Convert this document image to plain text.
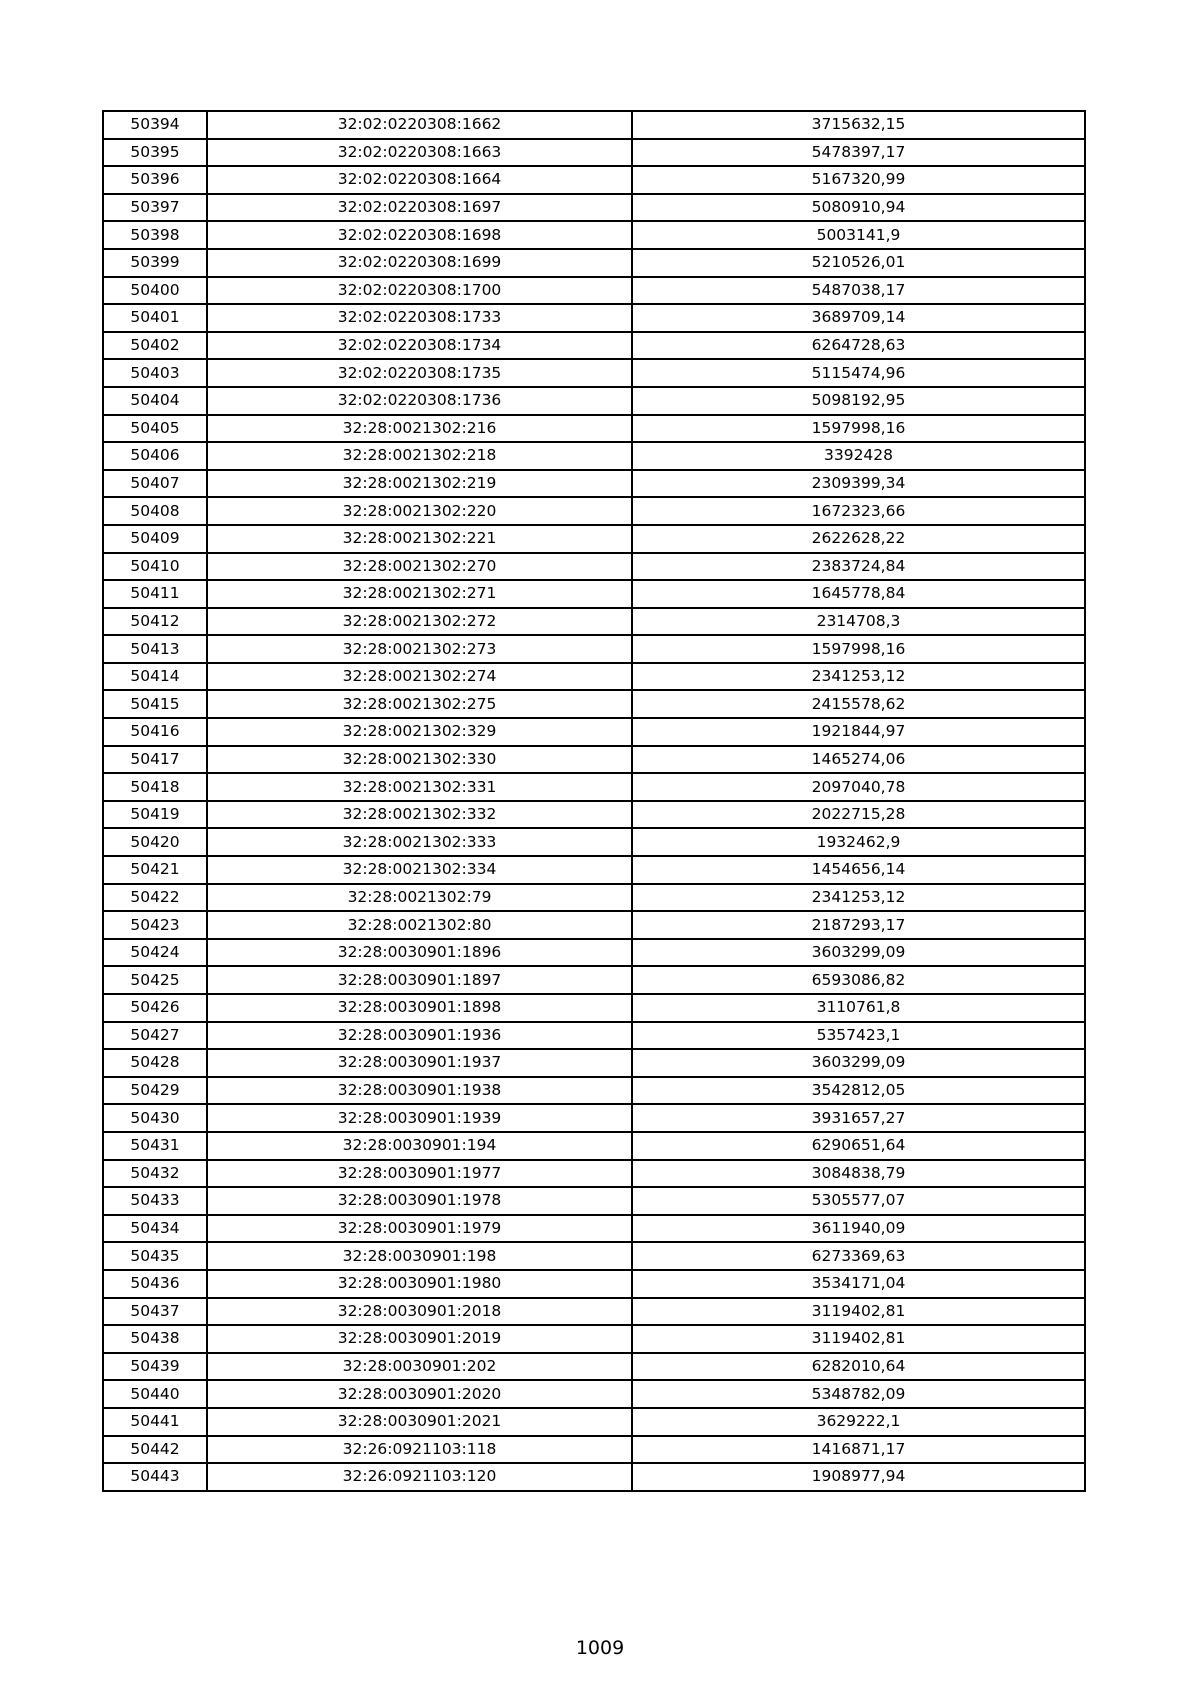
50394	32:02:0220308:1662	3715632,15
50395	32:02:0220308:1663	5478397,17
50396	32:02:0220308:1664	5167320,99
50397	32:02:0220308:1697	5080910,94
50398	32:02:0220308:1698	5003141,9
50399	32:02:0220308:1699	5210526,01
50400	32:02:0220308:1700	5487038,17
50401	32:02:0220308:1733	3689709,14
50402	32:02:0220308:1734	6264728,63
50403	32:02:0220308:1735	5115474,96
50404	32:02:0220308:1736	5098192,95
50405	32:28:0021302:216	1597998,16
50406	32:28:0021302:218	3392428
50407	32:28:0021302:219	2309399,34
50408	32:28:0021302:220	1672323,66
50409	32:28:0021302:221	2622628,22
50410	32:28:0021302:270	2383724,84
50411	32:28:0021302:271	1645778,84
50412	32:28:0021302:272	2314708,3
50413	32:28:0021302:273	1597998,16
50414	32:28:0021302:274	2341253,12
50415	32:28:0021302:275	2415578,62
50416	32:28:0021302:329	1921844,97
50417	32:28:0021302:330	1465274,06
50418	32:28:0021302:331	2097040,78
50419	32:28:0021302:332	2022715,28
50420	32:28:0021302:333	1932462,9
50421	32:28:0021302:334	1454656,14
50422	32:28:0021302:79	2341253,12
50423	32:28:0021302:80	2187293,17
50424	32:28:0030901:1896	3603299,09
50425	32:28:0030901:1897	6593086,82
50426	32:28:0030901:1898	3110761,8
50427	32:28:0030901:1936	5357423,1
50428	32:28:0030901:1937	3603299,09
50429	32:28:0030901:1938	3542812,05
50430	32:28:0030901:1939	3931657,27
50431	32:28:0030901:194	6290651,64
50432	32:28:0030901:1977	3084838,79
50433	32:28:0030901:1978	5305577,07
50434	32:28:0030901:1979	3611940,09
50435	32:28:0030901:198	6273369,63
50436	32:28:0030901:1980	3534171,04
50437	32:28:0030901:2018	3119402,81
50438	32:28:0030901:2019	3119402,81
50439	32:28:0030901:202	6282010,64
50440	32:28:0030901:2020	5348782,09
50441	32:28:0030901:2021	3629222,1
50442	32:26:0921103:118	1416871,17
50443	32:26:0921103:120	1908977,94
1009
